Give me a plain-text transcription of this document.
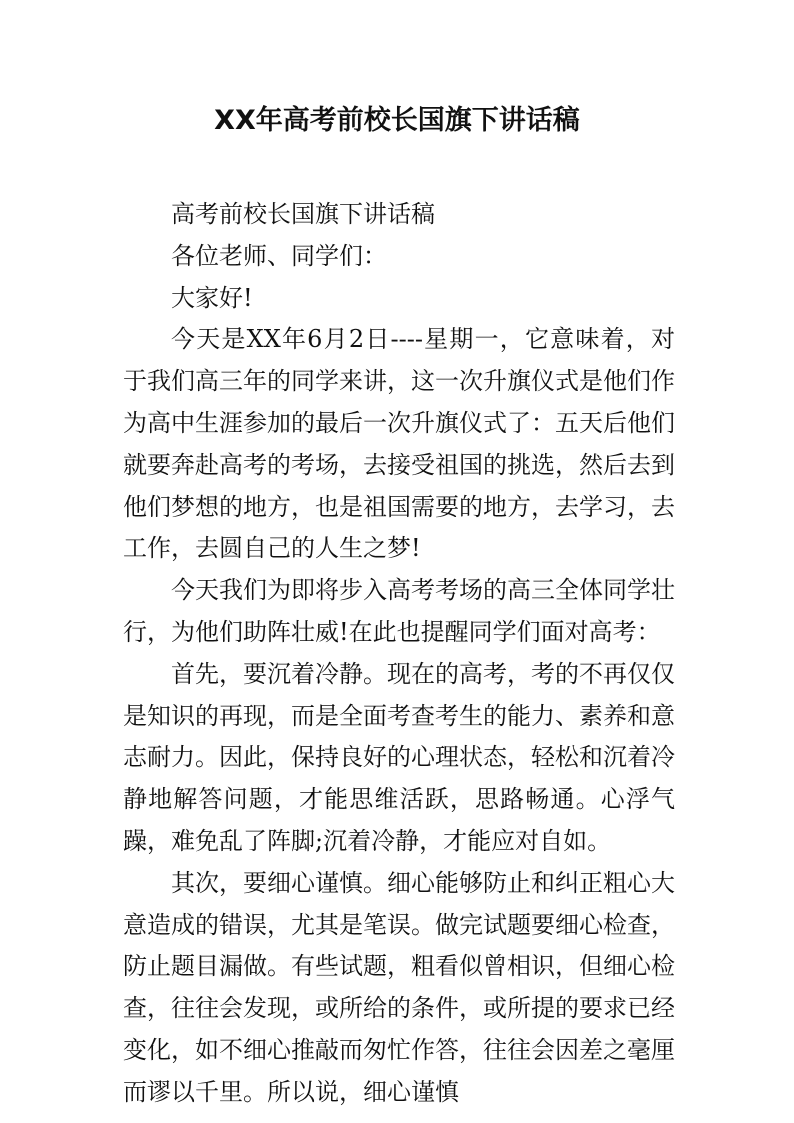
XX年高考前校长国旗下讲话稿

高考前校长国旗下讲话稿

各位老师、同学们：

大家好!

今天是XX年6月2日----星期一，它意味着，对于我们高三年的同学来讲，这一次升旗仪式是他们作为高中生涯参加的最后一次升旗仪式了：五天后他们就要奔赴高考的考场，去接受祖国的挑选，然后去到他们梦想的地方，也是祖国需要的地方，去学习，去工作，去圆自己的人生之梦!

今天我们为即将步入高考考场的高三全体同学壮行，为他们助阵壮威!在此也提醒同学们面对高考：

首先，要沉着冷静。现在的高考，考的不再仅仅是知识的再现，而是全面考查考生的能力、素养和意志耐力。因此，保持良好的心理状态，轻松和沉着冷静地解答问题，才能思维活跃，思路畅通。心浮气躁，难免乱了阵脚;沉着冷静，才能应对自如。

其次，要细心谨慎。细心能够防止和纠正粗心大意造成的错误，尤其是笔误。做完试题要细心检查，防止题目漏做。有些试题，粗看似曾相识，但细心检查，往往会发现，或所给的条件，或所提的要求已经变化，如不细心推敲而匆忙作答，往往会因差之毫厘而谬以千里。所以说，细心谨慎
